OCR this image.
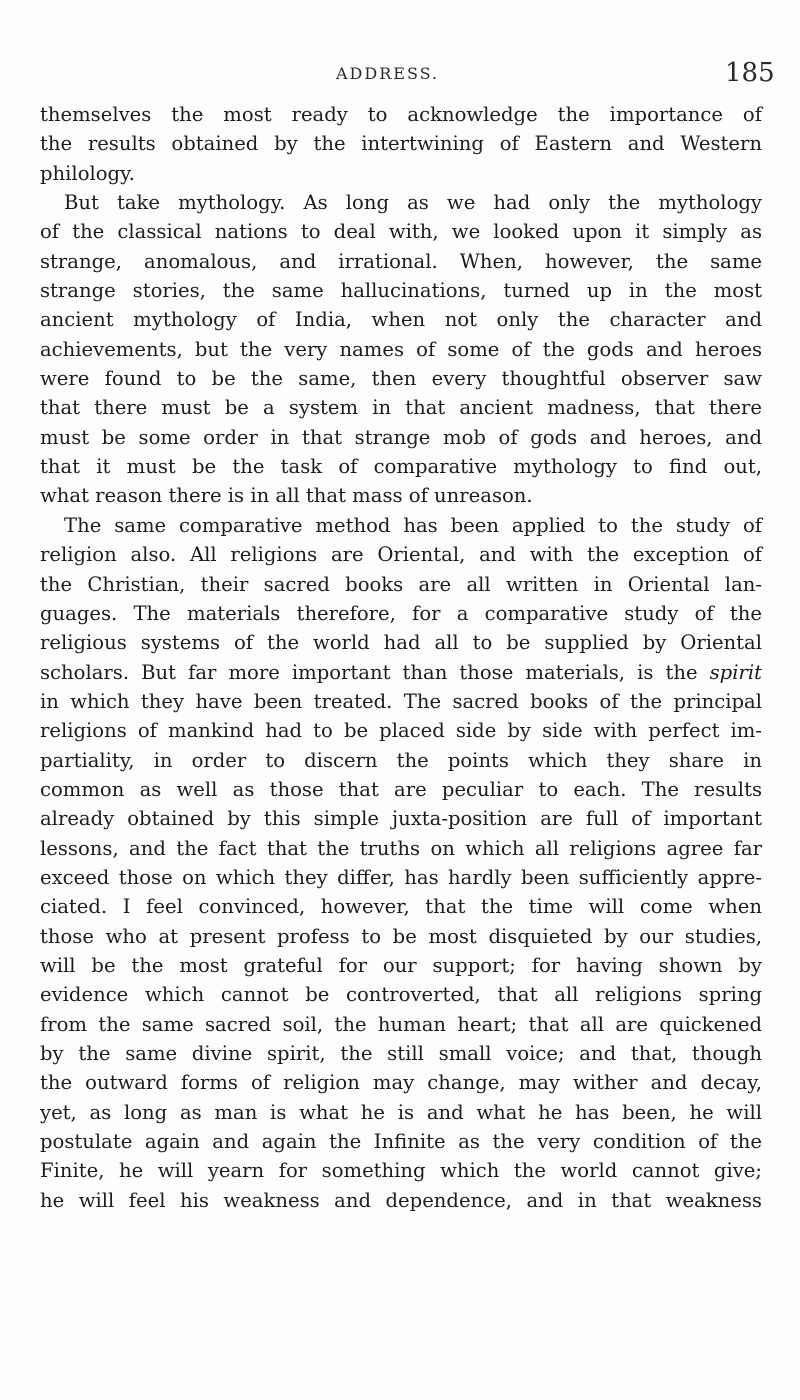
ADDRESS.	185
themselves the most ready to acknowledge the importance of
the results obtained by the intertwining of Eastern and Western
philology.
But take mythology. As long as we had only the mythology
of the classical nations to deal with, we looked upon it simply as
strange, anomalous, and irrational. When, however, the same
strange stories, the same hallucinations, turned up in the most
ancient mythology of India, when not only the character and
achievements, but the very names of some of the gods and heroes
were found to be the same, then every thoughtful observer saw
that there must be a system in that ancient madness, that there
must be some order in that strange mob of gods and heroes, and
that it must be the task of comparative mythology to find out,
what reason there is in all that mass of unreason.
The same comparative method has been applied to the study of
religion also. All religions are Oriental, and with the exception of
the Christian, their sacred books are all written in Oriental lan-
guages. The materials therefore, for a comparative study of the
religious systems of the world had all to be supplied by Oriental
scholars. But far more important than those materials, is the spirit
in which they have been treated. The sacred books of the principal
religions of mankind had to be placed side by side with perfect im-
partiality, in order to discern the points which they share in
common as well as those that are peculiar to each. The results
already obtained by this simple juxta-position are full of important
lessons, and the fact that the truths on which all religions agree far
exceed those on which they differ, has hardly been sufficiently appre-
ciated. I feel convinced, however, that the time will come when
those who at present profess to be most disquieted by our studies,
will be the most grateful for our support; for having shown by
evidence which cannot be controverted, that all religions spring
from the same sacred soil, the human heart; that all are quickened
by the same divine spirit, the still small voice; and that, though
the outward forms of religion may change, may wither and decay,
yet, as long as man is what he is and what he has been, he will
postulate again and again the Infinite as the very condition of the
Finite, he will yearn for something which the world cannot give;
he will feel his weakness and dependence, and in that weakness
